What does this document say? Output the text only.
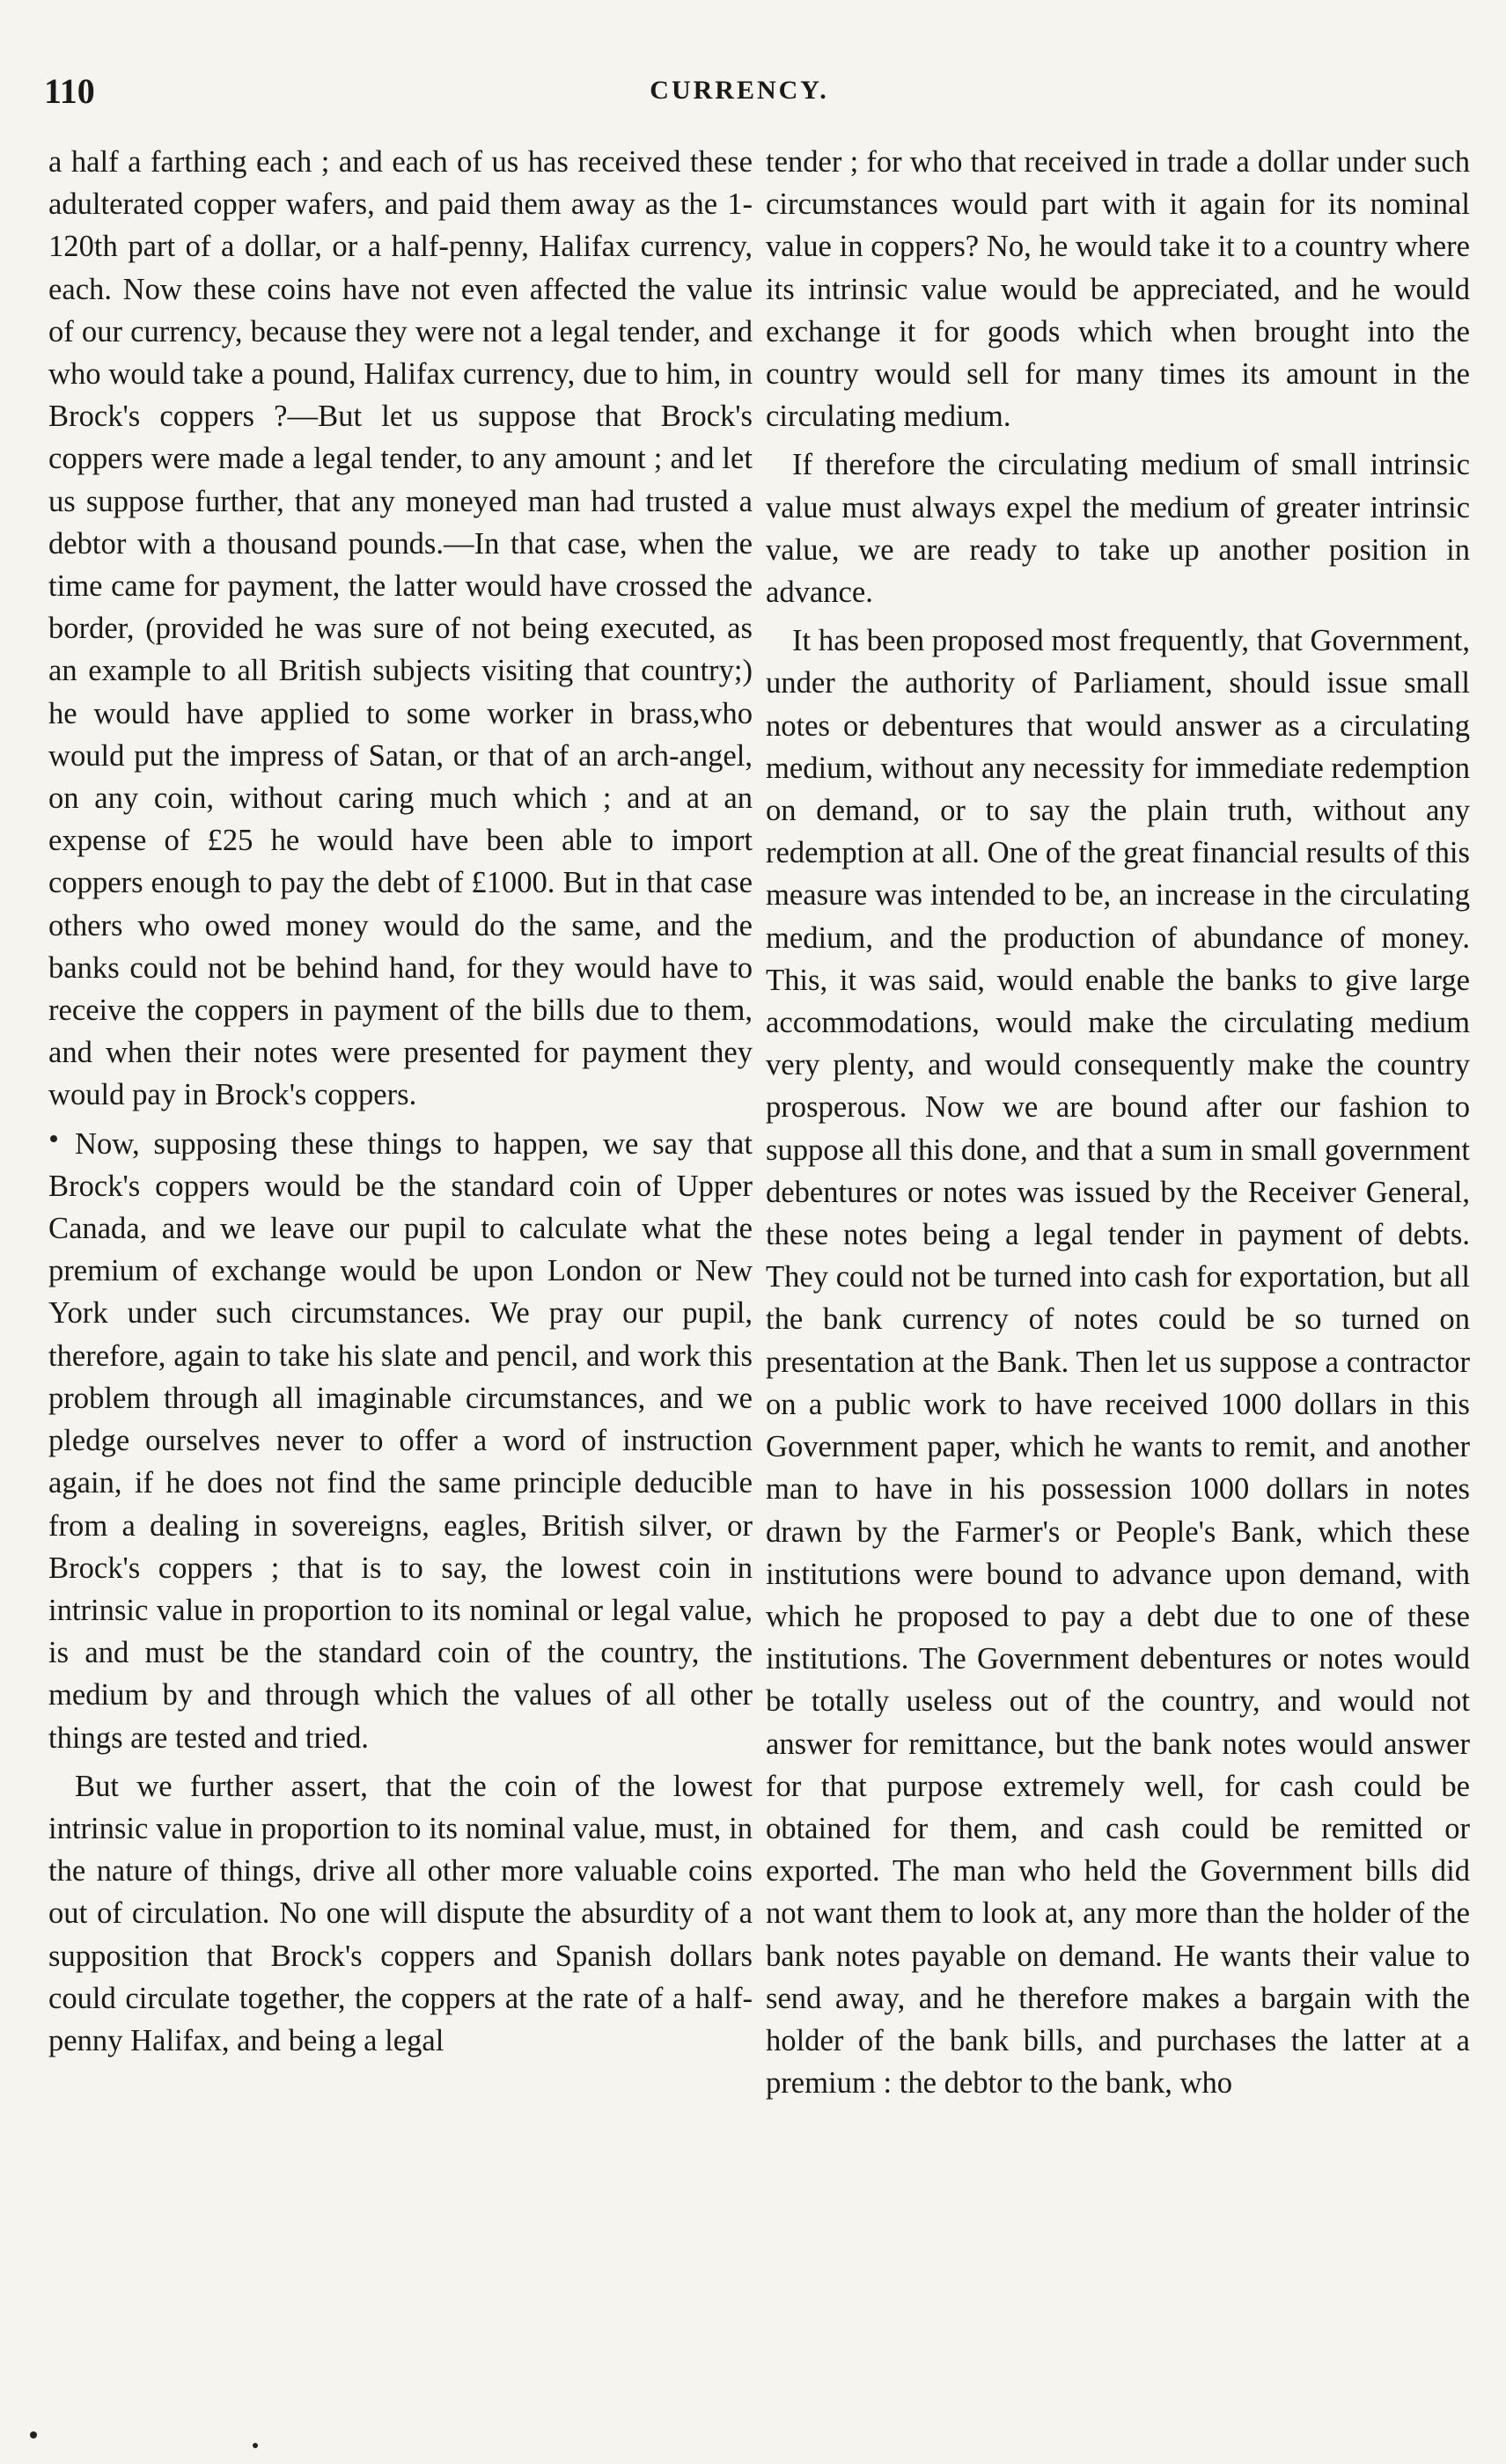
110	CURRENCY.

a half a farthing each ; and each of us has received these adulterated copper wafers, and paid them away as the 1-120th part of a dollar, or a half-penny, Halifax currency, each. Now these coins have not even affected the value of our currency, because they were not a legal tender, and who would take a pound, Halifax currency, due to him, in Brock's coppers ?—But let us suppose that Brock's coppers were made a legal tender, to any amount ; and let us suppose further, that any moneyed man had trusted a debtor with a thousand pounds.—In that case, when the time came for payment, the latter would have crossed the border, (provided he was sure of not being executed, as an example to all British subjects visiting that country;) he would have applied to some worker in brass,who would put the impress of Satan, or that of an arch-angel, on any coin, without caring much which ; and at an expense of £25 he would have been able to import coppers enough to pay the debt of £1000. But in that case others who owed money would do the same, and the banks could not be behind hand, for they would have to receive the coppers in payment of the bills due to them, and when their notes were presented for payment they would pay in Brock's coppers.

Now, supposing these things to happen, we say that Brock's coppers would be the standard coin of Upper Canada, and we leave our pupil to calculate what the premium of exchange would be upon London or New York under such circumstances. We pray our pupil, therefore, again to take his slate and pencil, and work this problem through all imaginable circumstances, and we pledge ourselves never to offer a word of instruction again, if he does not find the same principle deducible from a dealing in sovereigns, eagles, British silver, or Brock's coppers ; that is to say, the lowest coin in intrinsic value in proportion to its nominal or legal value, is and must be the standard coin of the country, the medium by and through which the values of all other things are tested and tried.

But we further assert, that the coin of the lowest intrinsic value in proportion to its nominal value, must, in the nature of things, drive all other more valuable coins out of circulation. No one will dispute the absurdity of a supposition that Brock's coppers and Spanish dollars could circulate together, the coppers at the rate of a half-penny Halifax, and being a legal

tender ; for who that received in trade a dollar under such circumstances would part with it again for its nominal value in coppers? No, he would take it to a country where its intrinsic value would be appreciated, and he would exchange it for goods which when brought into the country would sell for many times its amount in the circulating medium.

If therefore the circulating medium of small intrinsic value must always expel the medium of greater intrinsic value, we are ready to take up another position in advance.

It has been proposed most frequently, that Government, under the authority of Parliament, should issue small notes or debentures that would answer as a circulating medium, without any necessity for immediate redemption on demand, or to say the plain truth, without any redemption at all. One of the great financial results of this measure was intended to be, an increase in the circulating medium, and the production of abundance of money. This, it was said, would enable the banks to give large accommodations, would make the circulating medium very plenty, and would consequently make the country prosperous. Now we are bound after our fashion to suppose all this done, and that a sum in small government debentures or notes was issued by the Receiver General, these notes being a legal tender in payment of debts. They could not be turned into cash for exportation, but all the bank currency of notes could be so turned on presentation at the Bank. Then let us suppose a contractor on a public work to have received 1000 dollars in this Government paper, which he wants to remit, and another man to have in his possession 1000 dollars in notes drawn by the Farmer's or People's Bank, which these institutions were bound to advance upon demand, with which he proposed to pay a debt due to one of these institutions. The Government debentures or notes would be totally useless out of the country, and would not answer for remittance, but the bank notes would answer for that purpose extremely well, for cash could be obtained for them, and cash could be remitted or exported. The man who held the Government bills did not want them to look at, any more than the holder of the bank notes payable on demand. He wants their value to send away, and he therefore makes a bargain with the holder of the bank bills, and purchases the latter at a premium : the debtor to the bank, who
